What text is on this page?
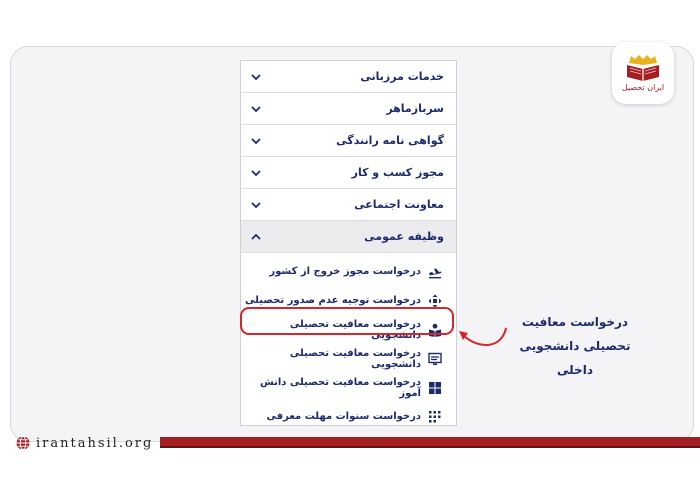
ایران تحصیل
خدمات مرزبانی
سربازماهر
گواهی نامه رانندگی
مجوز کسب و کار
معاونت اجتماعی
وظیفه عمومی
درخواست مجوز خروج از کشور
درخواست توجیه عدم صدور تحصیلی
درخواست معافیت تحصیلی دانشجویی
درخواست معافیت تحصیلی دانشجویی
درخواست معافیت تحصیلی دانش آموز
درخواست سنوات مهلت معرفی
درخواست معافیت
تحصیلی دانشجویی داخلی
irantahsil.org
